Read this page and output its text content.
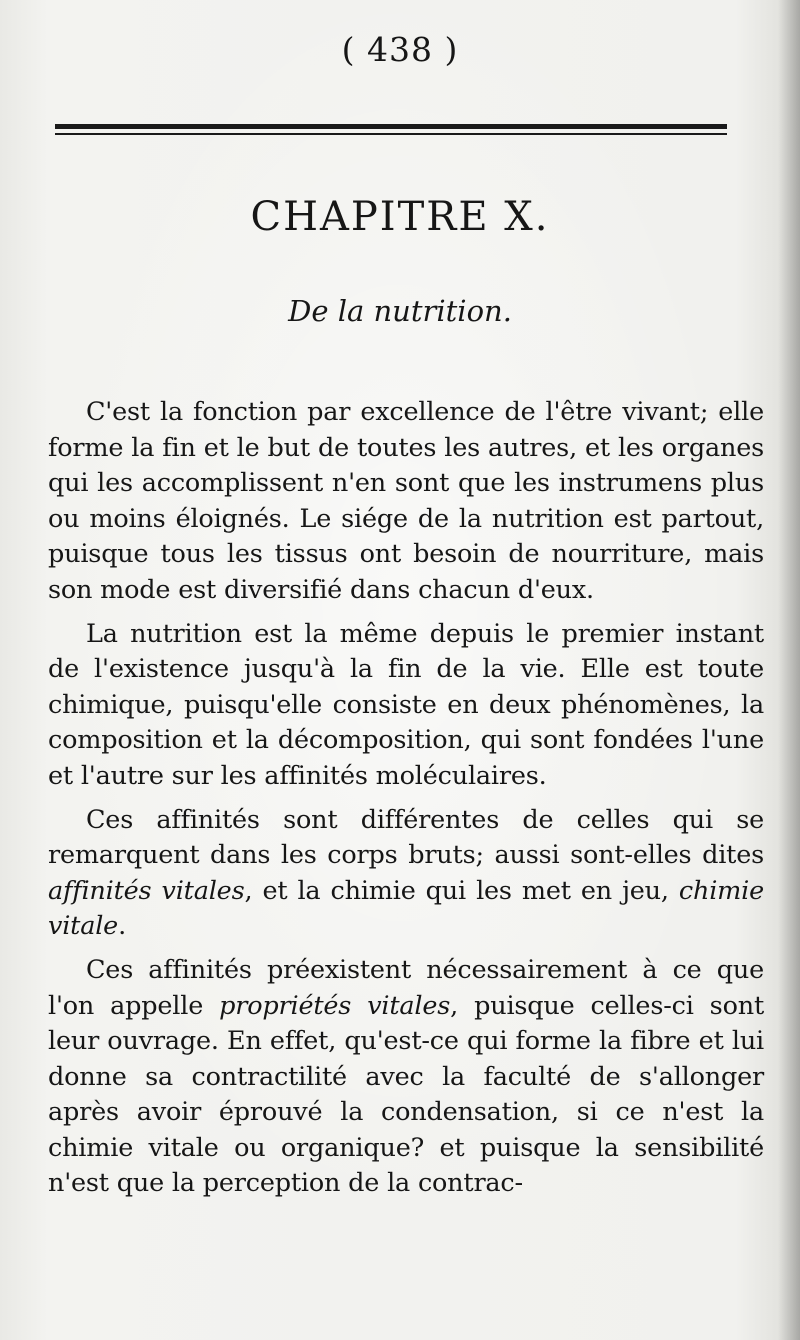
( 438 )
CHAPITRE X.
De la nutrition.

C'est la fonction par excellence de l'être vivant; elle forme la fin et le but de toutes les autres, et les organes qui les accomplissent n'en sont que les instrumens plus ou moins éloignés. Le siége de la nutrition est partout, puisque tous les tissus ont besoin de nourriture, mais son mode est diversifié dans chacun d'eux.

La nutrition est la même depuis le premier instant de l'existence jusqu'à la fin de la vie. Elle est toute chimique, puisqu'elle consiste en deux phénomènes, la composition et la décomposition, qui sont fondées l'une et l'autre sur les affinités moléculaires.

Ces affinités sont différentes de celles qui se remarquent dans les corps bruts; aussi sont-elles dites affinités vitales, et la chimie qui les met en jeu, chimie vitale.

Ces affinités préexistent nécessairement à ce que l'on appelle propriétés vitales, puisque celles-ci sont leur ouvrage. En effet, qu'est-ce qui forme la fibre et lui donne sa contractilité avec la faculté de s'allonger après avoir éprouvé la condensation, si ce n'est la chimie vitale ou organique? et puisque la sensibilité n'est que la perception de la contrac-
